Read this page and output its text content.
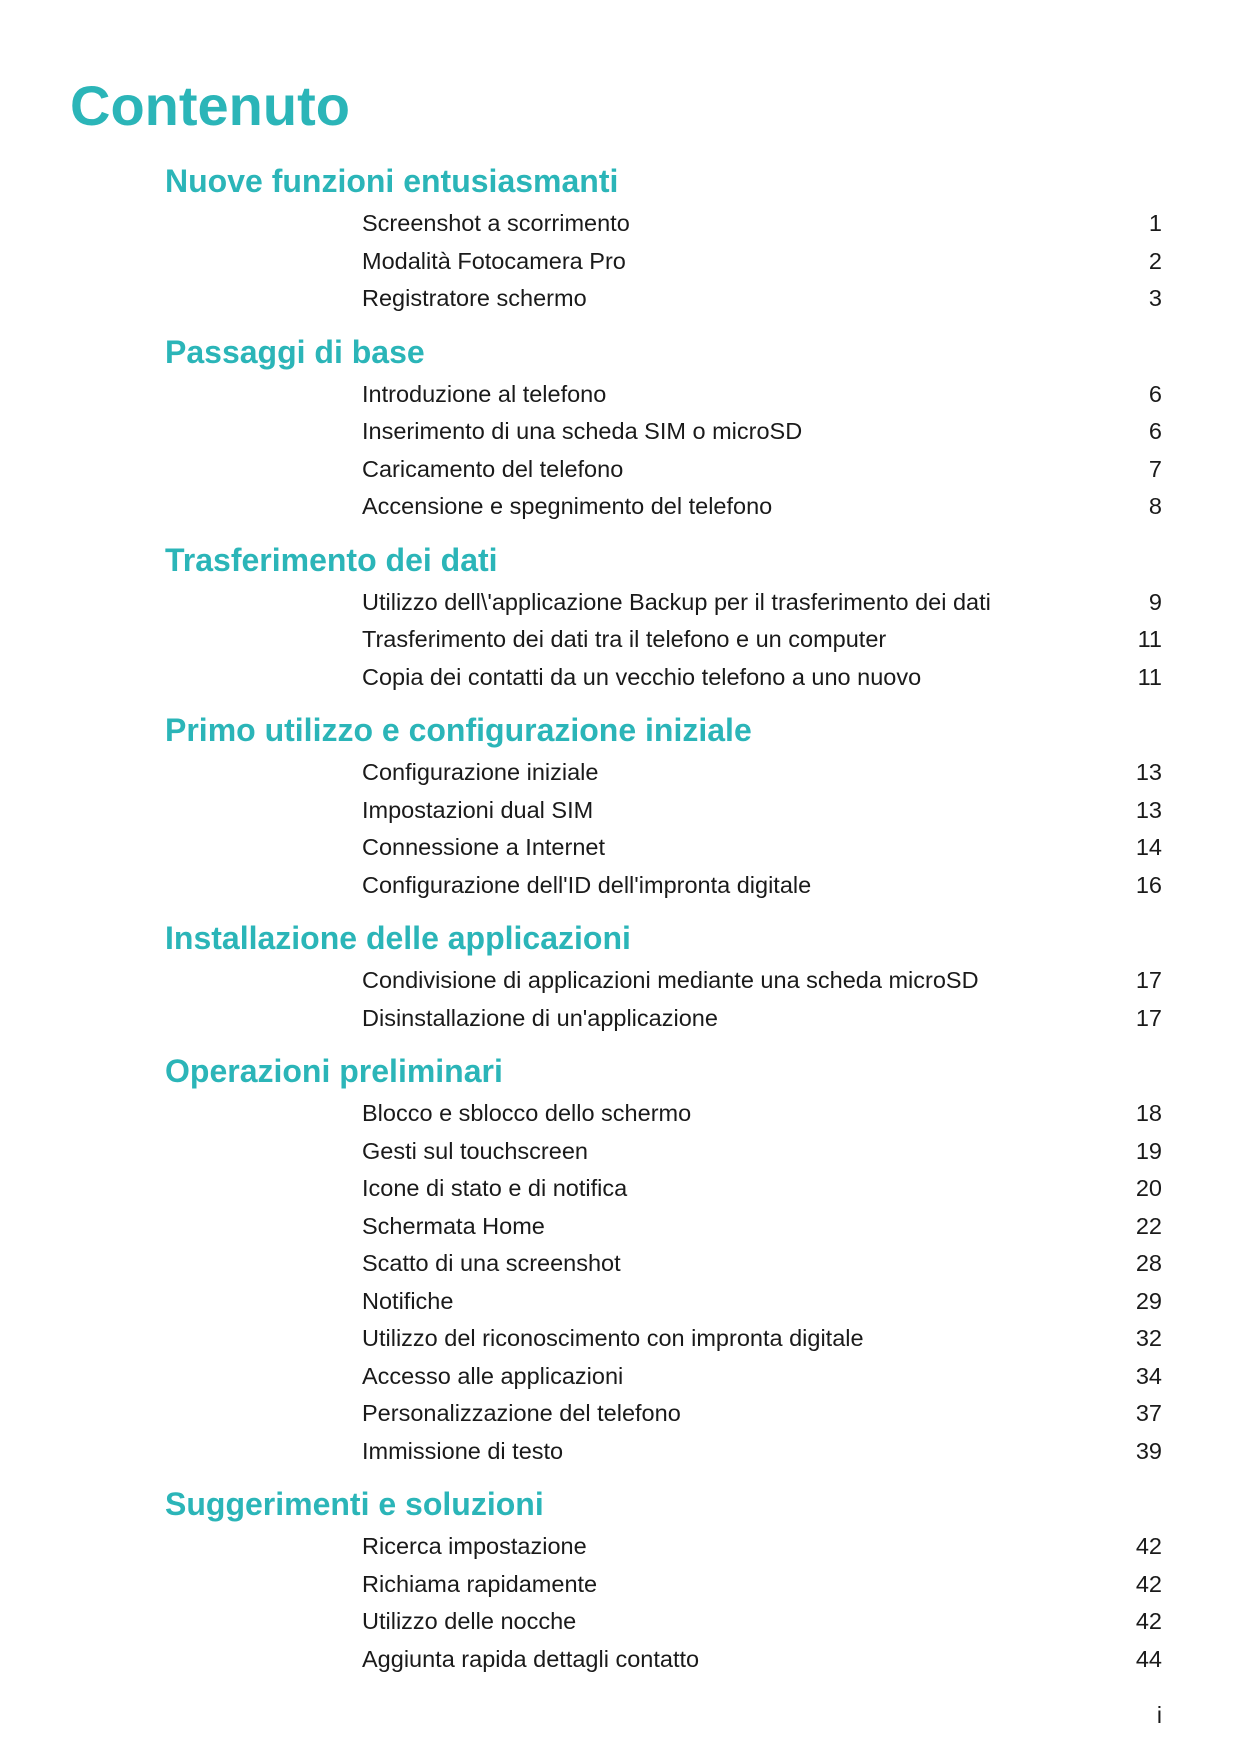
Contenuto
Nuove funzioni entusiasmanti
Screenshot a scorrimento	1
Modalità Fotocamera Pro	2
Registratore schermo	3
Passaggi di base
Introduzione al telefono	6
Inserimento di una scheda SIM o microSD	6
Caricamento del telefono	7
Accensione e spegnimento del telefono	8
Trasferimento dei dati
Utilizzo dell\'applicazione Backup per il trasferimento dei dati	9
Trasferimento dei dati tra il telefono e un computer	11
Copia dei contatti da un vecchio telefono a uno nuovo	11
Primo utilizzo e configurazione iniziale
Configurazione iniziale	13
Impostazioni dual SIM	13
Connessione a Internet	14
Configurazione dell'ID dell'impronta digitale	16
Installazione delle applicazioni
Condivisione di applicazioni mediante una scheda microSD	17
Disinstallazione di un'applicazione	17
Operazioni preliminari
Blocco e sblocco dello schermo	18
Gesti sul touchscreen	19
Icone di stato e di notifica	20
Schermata Home	22
Scatto di una screenshot	28
Notifiche	29
Utilizzo del riconoscimento con impronta digitale	32
Accesso alle applicazioni	34
Personalizzazione del telefono	37
Immissione di testo	39
Suggerimenti e soluzioni
Ricerca impostazione	42
Richiama rapidamente	42
Utilizzo delle nocche	42
Aggiunta rapida dettagli contatto	44
i
